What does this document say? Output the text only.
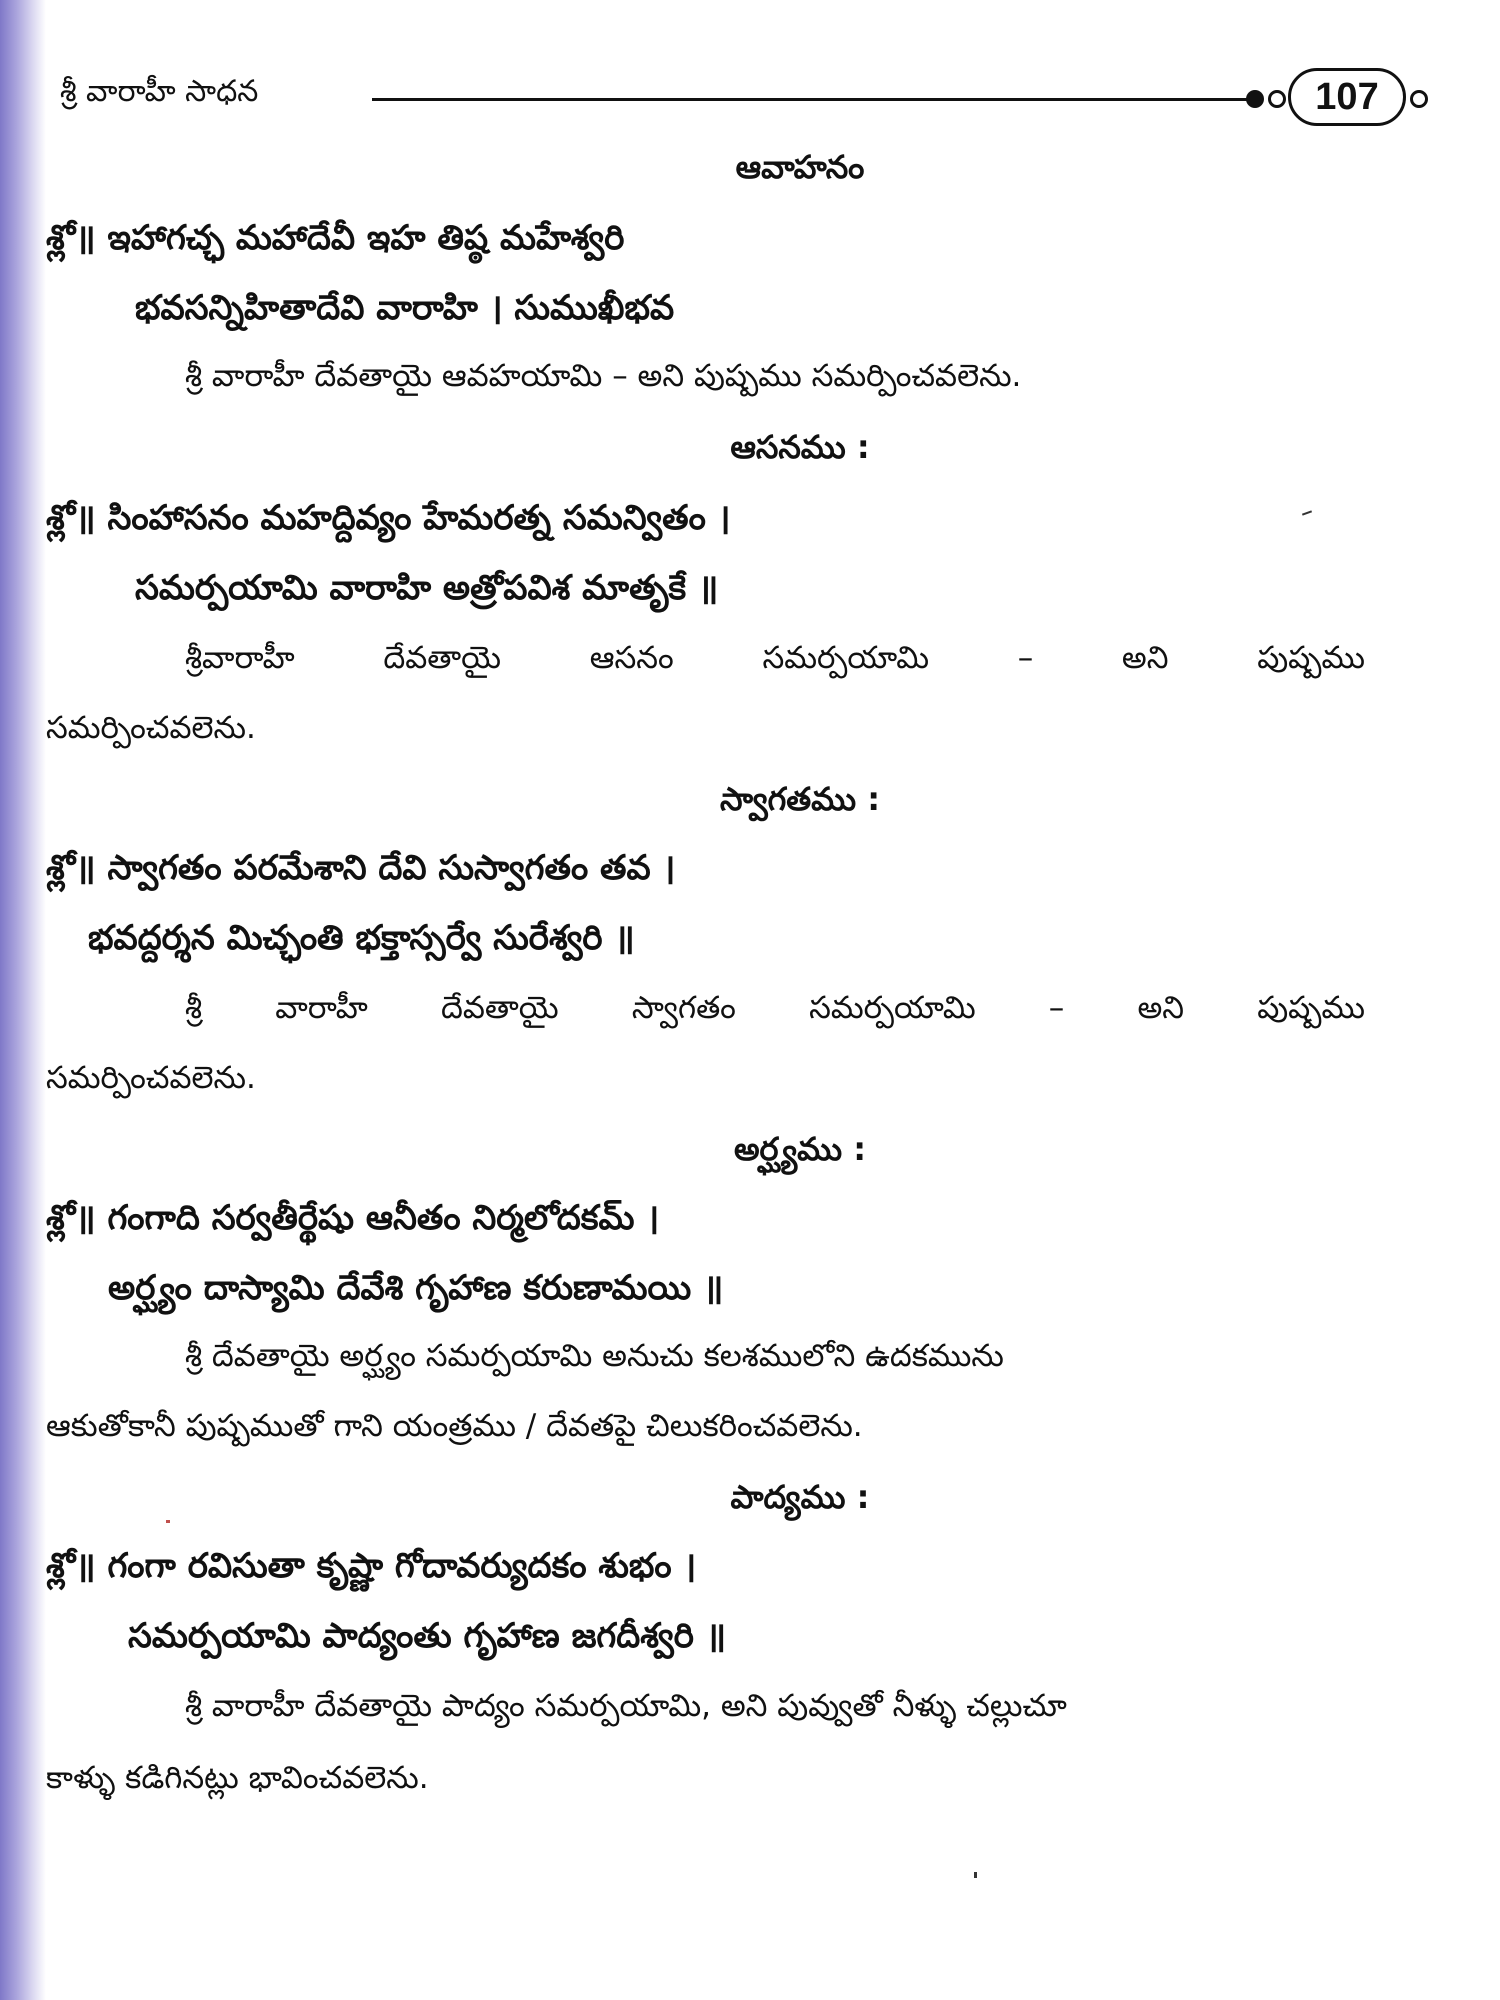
శ్రీ వారాహీ సాధన	107
ఆవాహనం
శ్లో॥ ఇహాగచ్ఛ మహాదేవీ ఇహ తిష్ఠ మహేశ్వరి
భవసన్నిహితాదేవి వారాహి । సుముఖీభవ
శ్రీ వారాహీ దేవతాయై ఆవహయామి – అని పుష్పము సమర్పించవలెను.
ఆసనము :
శ్లో॥ సింహాసనం మహద్దివ్యం హేమరత్న సమన్వితం ।
సమర్పయామి వారాహి అత్రోపవిశ మాతృకే ॥
శ్రీవారాహీ దేవతాయై ఆసనం సమర్పయామి – అని పుష్పము
సమర్పించవలెను.
స్వాగతము :
శ్లో॥ స్వాగతం పరమేశాని దేవి సుస్వాగతం తవ ।
భవద్దర్శన మిచ్ఛంతి భక్తాస్సర్వే సురేశ్వరి ॥
శ్రీ వారాహీ దేవతాయై స్వాగతం సమర్పయామి – అని పుష్పము
సమర్పించవలెను.
అర్ఘ్యము :
శ్లో॥ గంగాది సర్వతీర్థేషు ఆనీతం నిర్మలోదకమ్ ।
అర్ఘ్యం దాస్యామి దేవేశి గృహాణ కరుణామయి ॥
శ్రీ దేవతాయై అర్ఘ్యం సమర్పయామి అనుచు కలశములోని ఉదకమును
ఆకుతోకానీ పుష్పముతో గాని యంత్రము / దేవతపై చిలుకరించవలెను.
పాద్యము :
శ్లో॥ గంగా రవిసుతా కృష్ణా గోదావర్యుదకం శుభం ।
సమర్పయామి పాద్యంతు గృహాణ జగదీశ్వరి ॥
శ్రీ వారాహీ దేవతాయై పాద్యం సమర్పయామి, అని పువ్వుతో నీళ్ళు చల్లుచూ
కాళ్ళు కడిగినట్లు భావించవలెను.
